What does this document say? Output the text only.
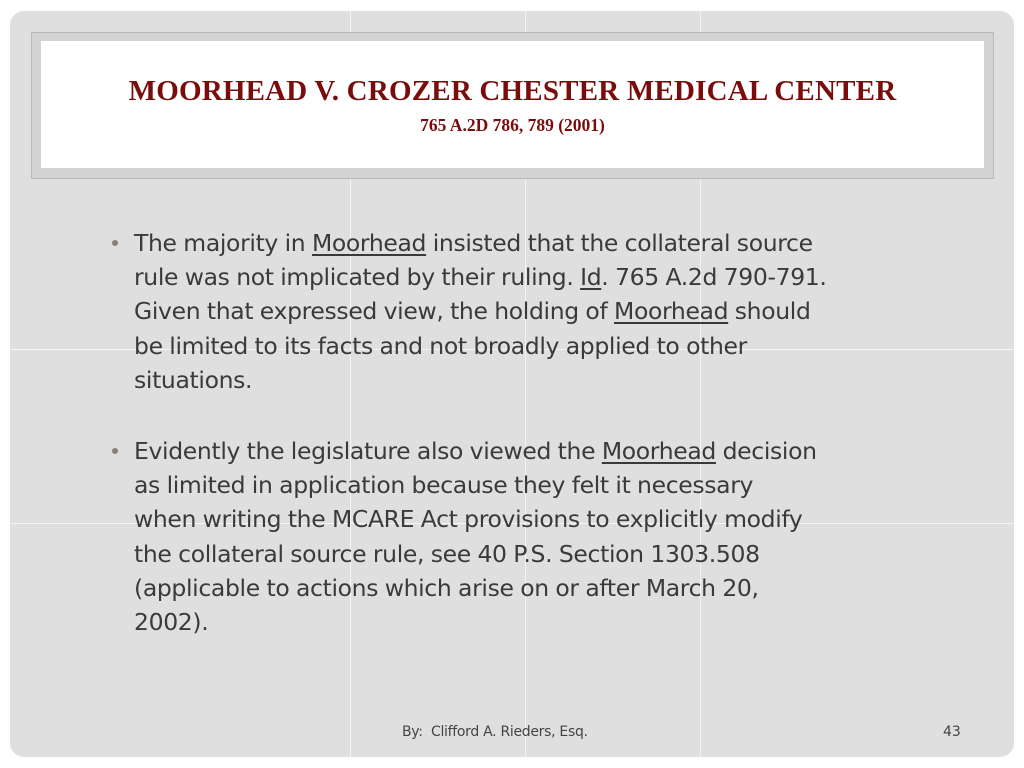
MOORHEAD V. CROZER CHESTER MEDICAL CENTER
765 A.2D 786, 789 (2001)
The majority in Moorhead insisted that the collateral source
rule was not implicated by their ruling. Id. 765 A.2d 790-791.
Given that expressed view, the holding of Moorhead should
be limited to its facts and not broadly applied to other
situations.
Evidently the legislature also viewed the Moorhead decision
as limited in application because they felt it necessary
when writing the MCARE Act provisions to explicitly modify
the collateral source rule, see 40 P.S. Section 1303.508
(applicable to actions which arise on or after March 20,
2002).
By:  Clifford A. Rieders, Esq.	43
